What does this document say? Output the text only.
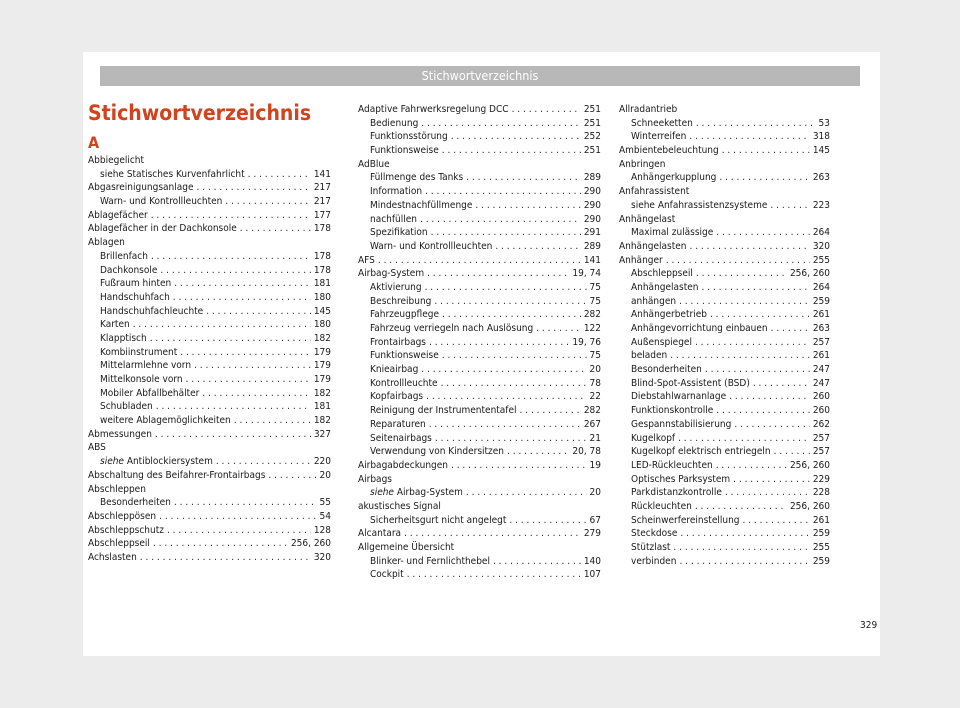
Stichwortverzeichnis
Stichwortverzeichnis
A
Abbiegelicht
siehe Statisches Kurvenfahrlicht . . .	141
Abgasreinigungsanlage . . .	217
Warn- und Kontrollleuchten . . .	217
Ablagefächer . . .	177
Ablagefächer in der Dachkonsole . . .	178
Ablagen
Brillenfach . . .	178
Dachkonsole . . .	178
Fußraum hinten . . .	181
Handschuhfach . . .	180
Handschuhfachleuchte . . .	145
Karten . . .	180
Klapptisch . . .	182
Kombiinstrument . . .	179
Mittelarmlehne vorn . . .	179
Mittelkonsole vorn . . .	179
Mobiler Abfallbehälter . . .	182
Schubladen . . .	181
weitere Ablagemöglichkeiten . . .	182
Abmessungen . . .	327
ABS
siehe Antiblockiersystem . . .	220
Abschaltung des Beifahrer-Frontairbags . . .	20
Abschleppen
Besonderheiten . . .	55
Abschleppösen . . .	54
Abschleppschutz . . .	128
Abschleppseil . . .	256, 260
Achslasten . . .	320
Adaptive Fahrwerksregelung DCC . . .	251
Bedienung . . .	251
Funktionsstörung . . .	252
Funktionsweise . . .	251
AdBlue
Füllmenge des Tanks . . .	289
Information . . .	290
Mindestnachfüllmenge . . .	290
nachfüllen . . .	290
Spezifikation . . .	291
Warn- und Kontrollleuchten . . .	289
AFS . . .	141
Airbag-System . . .	19, 74
Aktivierung . . .	75
Beschreibung . . .	75
Fahrzeugpflege . . .	282
Fahrzeug verriegeln nach Auslösung . . .	122
Frontairbags . . .	19, 76
Funktionsweise . . .	75
Knieairbag . . .	20
Kontrollleuchte . . .	78
Kopfairbags . . .	22
Reinigung der Instrumententafel . . .	282
Reparaturen . . .	267
Seitenairbags . . .	21
Verwendung von Kindersitzen . . .	20, 78
Airbagabdeckungen . . .	19
Airbags
siehe Airbag-System . . .	20
akustisches Signal
Sicherheitsgurt nicht angelegt . . .	67
Alcantara . . .	279
Allgemeine Übersicht
Blinker- und Fernlichthebel . . .	140
Cockpit . . .	107
Allradantrieb
Schneeketten . . .	53
Winterreifen . . .	318
Ambientebeleuchtung . . .	145
Anbringen
Anhängerkupplung . . .	263
Anfahrassistent
siehe Anfahrassistenzsysteme . . .	223
Anhängelast
Maximal zulässige . . .	264
Anhängelasten . . .	320
Anhänger . . .	255
Abschleppseil . . .	256, 260
Anhängelasten . . .	264
anhängen . . .	259
Anhängerbetrieb . . .	261
Anhängevorrichtung einbauen . . .	263
Außenspiegel . . .	257
beladen . . .	261
Besonderheiten . . .	247
Blind-Spot-Assistent (BSD) . . .	247
Diebstahlwarnanlage . . .	260
Funktionskontrolle . . .	260
Gespannstabilisierung . . .	262
Kugelkopf . . .	257
Kugelkopf elektrisch entriegeln . . .	257
LED-Rückleuchten . . .	256, 260
Optisches Parksystem . . .	229
Parkdistanzkontrolle . . .	228
Rückleuchten . . .	256, 260
Scheinwerfereinstellung . . .	261
Steckdose . . .	259
Stützlast . . .	255
verbinden . . .	259
329
